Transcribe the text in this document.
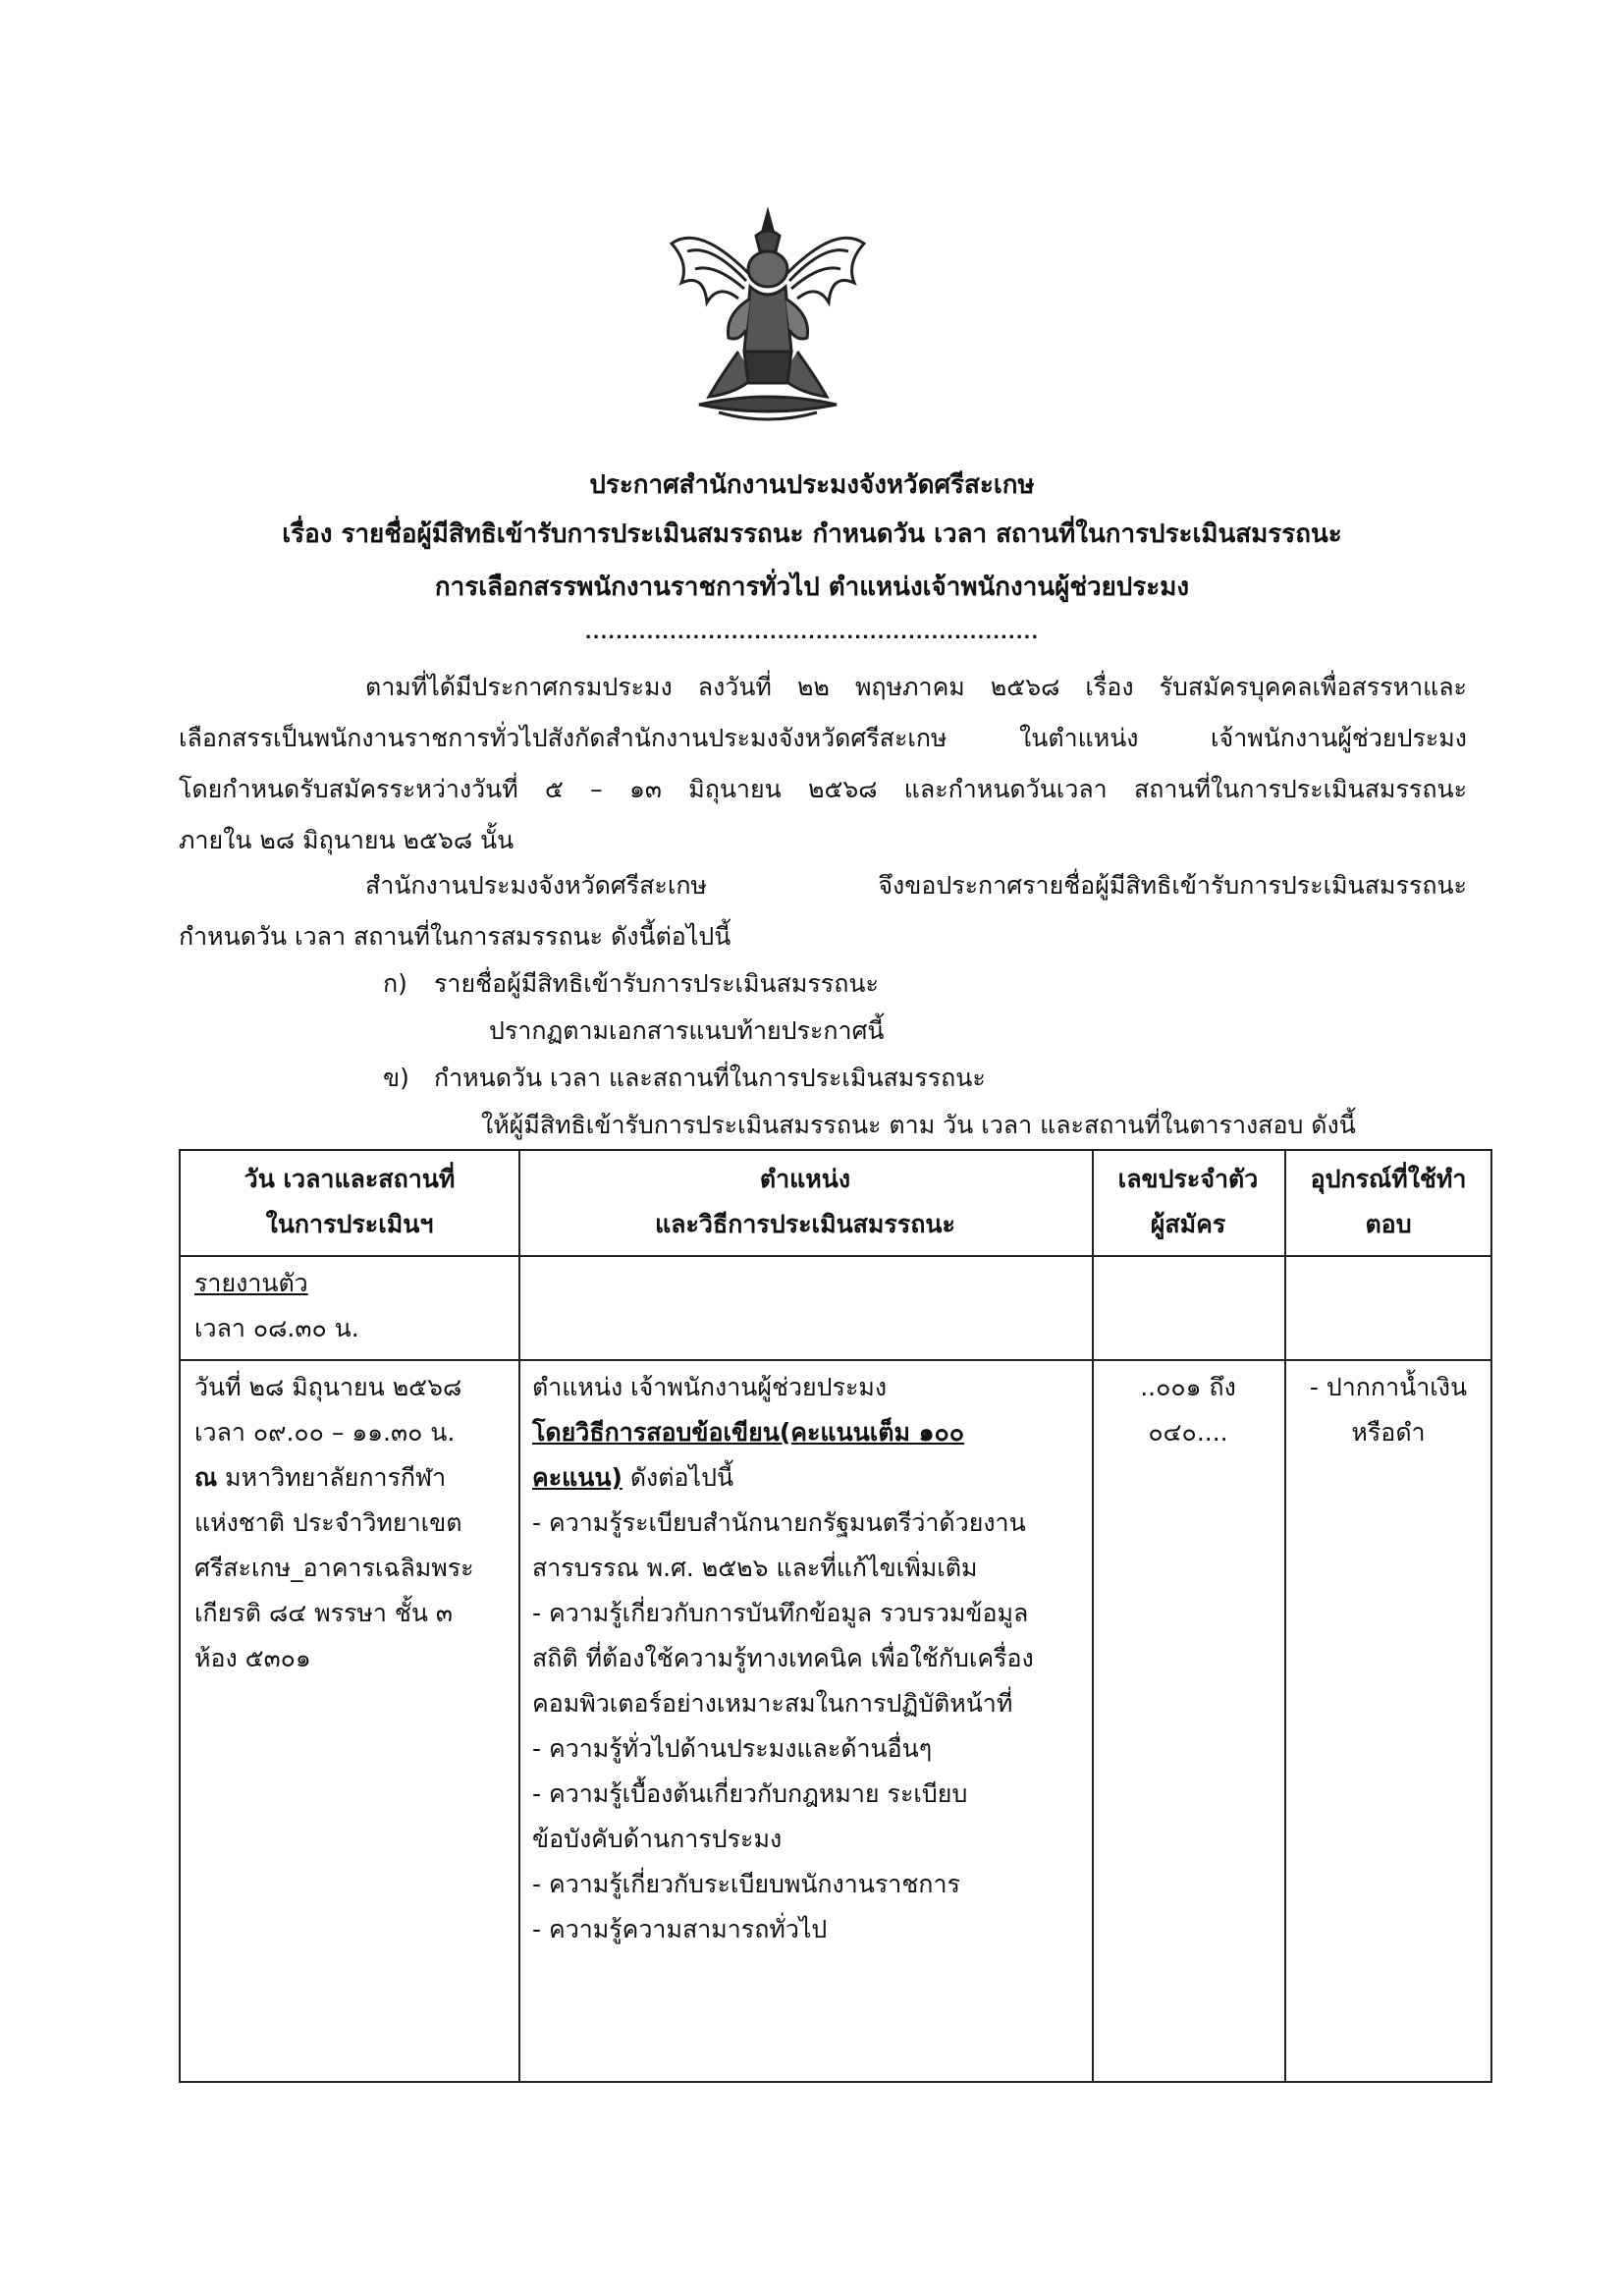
ประกาศสำนักงานประมงจังหวัดศรีสะเกษ
เรื่อง รายชื่อผู้มีสิทธิเข้ารับการประเมินสมรรถนะ กำหนดวัน เวลา สถานที่ในการประเมินสมรรถนะ
การเลือกสรรพนักงานราชการทั่วไป ตำแหน่งเจ้าพนักงานผู้ช่วยประมง
...........................................................
ตามที่ได้มีประกาศกรมประมง ลงวันที่ ๒๒ พฤษภาคม ๒๕๖๘ เรื่อง รับสมัครบุคคลเพื่อสรรหาและ
เลือกสรรเป็นพนักงานราชการทั่วไปสังกัดสำนักงานประมงจังหวัดศรีสะเกษ ในตำแหน่ง เจ้าพนักงานผู้ช่วยประมง
โดยกำหนดรับสมัครระหว่างวันที่ ๕ – ๑๓ มิถุนายน ๒๕๖๘ และกำหนดวันเวลา สถานที่ในการประเมินสมรรถนะ
ภายใน ๒๘ มิถุนายน ๒๕๖๘ นั้น
สำนักงานประมงจังหวัดศรีสะเกษ จึงขอประกาศรายชื่อผู้มีสิทธิเข้ารับการประเมินสมรรถนะ
กำหนดวัน เวลา สถานที่ในการสมรรถนะ ดังนี้ต่อไปนี้
ก) รายชื่อผู้มีสิทธิเข้ารับการประเมินสมรรถนะ
ปรากฏตามเอกสารแนบท้ายประกาศนี้
ข) กำหนดวัน เวลา และสถานที่ในการประเมินสมรรถนะ
ให้ผู้มีสิทธิเข้ารับการประเมินสมรรถนะ ตาม วัน เวลา และสถานที่ในตารางสอบ ดังนี้
วัน เวลาและสถานที่
ในการประเมินฯ
ตำแหน่ง
และวิธีการประเมินสมรรถนะ
เลขประจำตัว
ผู้สมัคร
อุปกรณ์ที่ใช้ทำ
ตอบ
รายงานตัว
เวลา ๐๘.๓๐ น.
วันที่ ๒๘ มิถุนายน ๒๕๖๘
เวลา ๐๙.๐๐ – ๑๑.๓๐ น.
ณ มหาวิทยาลัยการกีฬา
แห่งชาติ ประจำวิทยาเขต
ศรีสะเกษ_อาคารเฉลิมพระ
เกียรติ ๘๔ พรรษา ชั้น ๓
ห้อง ๕๓๐๑
ตำแหน่ง เจ้าพนักงานผู้ช่วยประมง
โดยวิธีการสอบข้อเขียน(คะแนนเต็ม ๑๐๐
คะแนน) ดังต่อไปนี้
- ความรู้ระเบียบสำนักนายกรัฐมนตรีว่าด้วยงาน
สารบรรณ พ.ศ. ๒๕๒๖ และที่แก้ไขเพิ่มเติม
- ความรู้เกี่ยวกับการบันทึกข้อมูล รวบรวมข้อมูล
สถิติ ที่ต้องใช้ความรู้ทางเทคนิค เพื่อใช้กับเครื่อง
คอมพิวเตอร์อย่างเหมาะสมในการปฏิบัติหน้าที่
- ความรู้ทั่วไปด้านประมงและด้านอื่นๆ
- ความรู้เบื้องต้นเกี่ยวกับกฎหมาย ระเบียบ
ข้อบังคับด้านการประมง
- ความรู้เกี่ยวกับระเบียบพนักงานราชการ
- ความรู้ความสามารถทั่วไป
..๐๐๑ ถึง
๐๔๐....
- ปากกาน้ำเงิน
หรือดำ
